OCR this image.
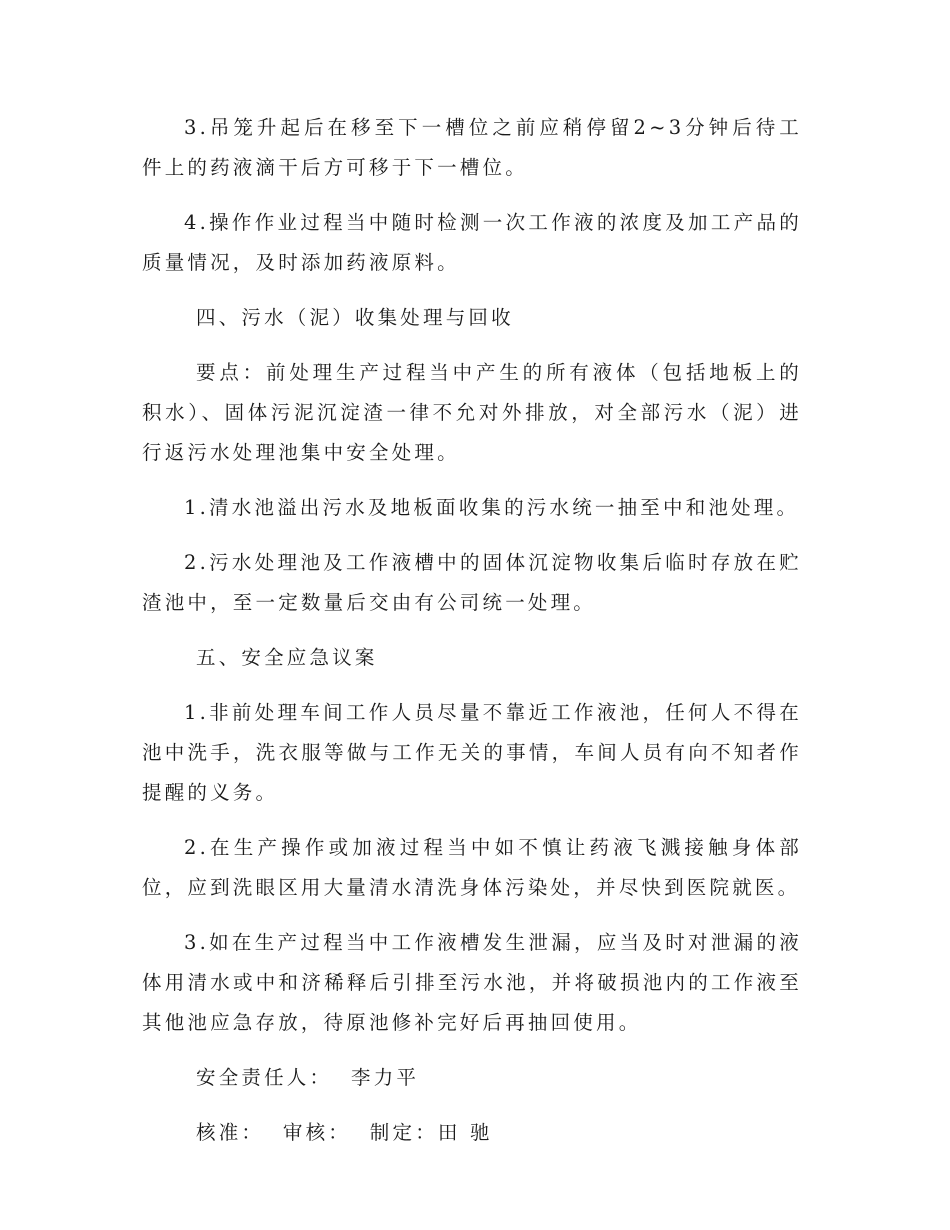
3.吊笼升起后在移至下一槽位之前应稍停留2~3分钟后待工件上的药液滴干后方可移于下一槽位。

4.操作作业过程当中随时检测一次工作液的浓度及加工产品的质量情况，及时添加药液原料。

四、污水（泥）收集处理与回收

要点：前处理生产过程当中产生的所有液体（包括地板上的积水）、固体污泥沉淀渣一律不允对外排放，对全部污水（泥）进行返污水处理池集中安全处理。

1.清水池溢出污水及地板面收集的污水统一抽至中和池处理。

2.污水处理池及工作液槽中的固体沉淀物收集后临时存放在贮渣池中，至一定数量后交由有公司统一处理。

五、安全应急议案

1.非前处理车间工作人员尽量不靠近工作液池，任何人不得在池中洗手，洗衣服等做与工作无关的事情，车间人员有向不知者作提醒的义务。

2.在生产操作或加液过程当中如不慎让药液飞溅接触身体部位，应到洗眼区用大量清水清洗身体污染处，并尽快到医院就医。

3.如在生产过程当中工作液槽发生泄漏，应当及时对泄漏的液体用清水或中和济稀释后引排至污水池，并将破损池内的工作液至其他池应急存放，待原池修补完好后再抽回使用。

安全责任人：  李力平

核准：  审核：  制定：田 驰
